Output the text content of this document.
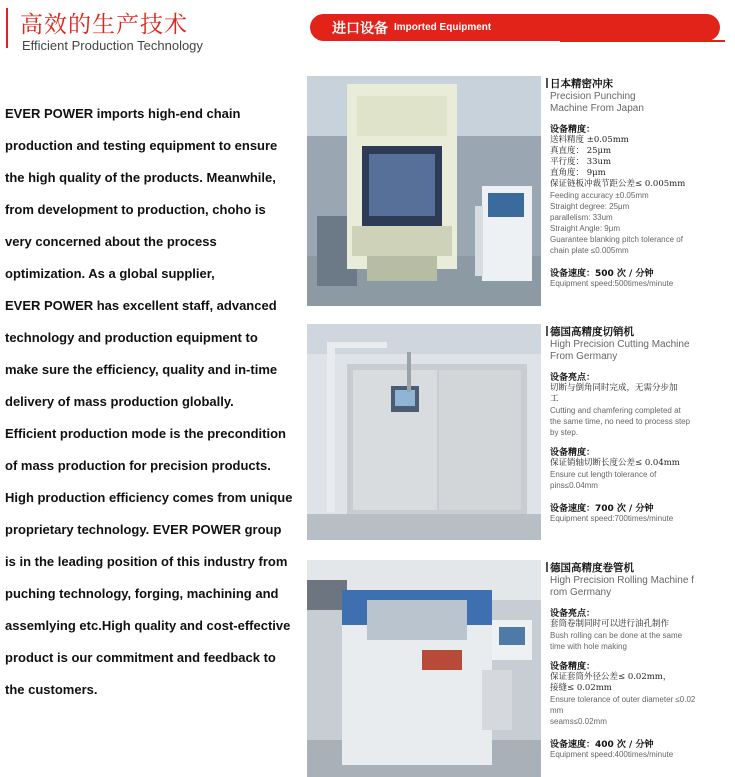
高效的生产技术
Efficient Production Technology
进口设备 Imported Equipment
EVER POWER imports high-end chain
production and testing equipment to ensure
the high quality of the products. Meanwhile,
from development to production, choho is
very concerned about the process
optimization. As a global supplier,
EVER POWER has excellent staff, advanced
technology and production equipment to
make sure the efficiency, quality and in-time
delivery of mass production globally.
Efficient production mode is the precondition
of mass production for precision products.
High production efficiency comes from unique
proprietary technology. EVER POWER group
is in the leading position of this industry from
puching technology, forging, machining and
assemlying etc.High quality and cost-effective
product is our commitment and feedback to
the customers.
日本精密冲床
Precision Punching
Machine From Japan
设备精度：
送料精度 ±0.05mm
真直度： 25μm
平行度： 33um
直角度： 9μm
保证链板冲裁节距公差≤ 0.005mm
Feeding accuracy ±0.05mm
Straight degree: 25μm
parallelism: 33um
Straight Angle: 9μm
Guarantee blanking pitch tolerance of
chain plate ≤0.005mm
设备速度：500 次 / 分钟
Equipment speed:500times/minute
德国高精度切销机
High Precision Cutting Machine
From Germany
设备亮点：
切断与倒角同时完成，无需分步加
工
Cutting and chamfering completed at
the same time, no need to process step
by step.
设备精度：
保证销轴切断长度公差≤ 0.04mm
Ensure cut length tolerance of
pins≤0.04mm
设备速度：700 次 / 分钟
Equipment speed:700times/minute
德国高精度卷管机
High Precision Rolling Machine f
rom Germany
设备亮点：
套筒卷制同时可以进行油孔制作
Bush rolling can be done at the same
time with hole making
设备精度：
保证套筒外径公差≤ 0.02mm，
接缝≤ 0.02mm
Ensure tolerance of outer diameter ≤0.02
mm
seams≤0.02mm
设备速度：400 次 / 分钟
Equipment speed:400times/minute
